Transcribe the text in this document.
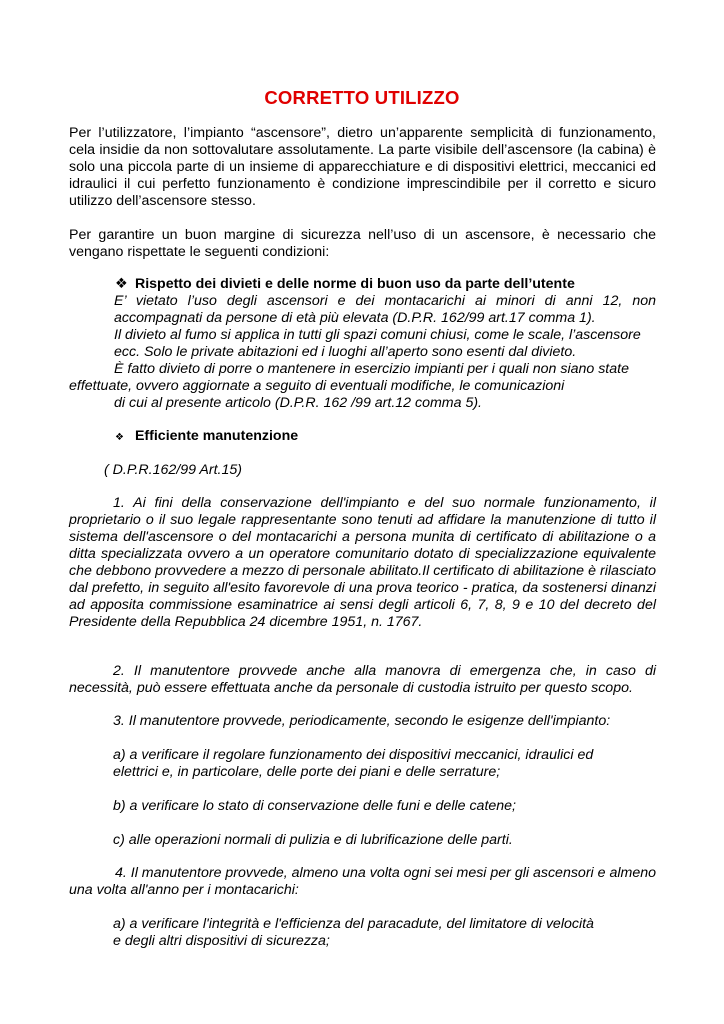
CORRETTO UTILIZZO
Per l’utilizzatore, l’impianto “ascensore”, dietro un’apparente semplicità di funzionamento, cela insidie da non sottovalutare assolutamente. La parte visibile dell’ascensore (la cabina) è solo una piccola parte di un insieme di apparecchiature e di dispositivi elettrici, meccanici ed idraulici il cui perfetto funzionamento è condizione imprescindibile per il corretto e sicuro utilizzo dell’ascensore stesso.
Per garantire un buon margine di sicurezza nell’uso di un ascensore, è necessario che vengano rispettate le seguenti condizioni:
❖ Rispetto dei divieti e delle norme di buon uso da parte dell’utente
E’ vietato l’uso degli ascensori e dei montacarichi ai minori di anni 12, non accompagnati da persone di età più elevata (D.P.R. 162/99 art.17 comma 1).
Il divieto al fumo si applica in tutti gli spazi comuni chiusi, come le scale, l’ascensore
ecc. Solo le private abitazioni ed i luoghi all’aperto sono esenti dal divieto.
È fatto divieto di porre o mantenere in esercizio impianti per i quali non siano state
effettuate, ovvero aggiornate a seguito di eventuali modifiche, le comunicazioni
di cui al presente articolo (D.P.R. 162 /99 art.12 comma 5).
❖ Efficiente manutenzione
( D.P.R.162/99 Art.15)
1. Ai fini della conservazione dell'impianto e del suo normale funzionamento, il proprietario o il suo legale rappresentante sono tenuti ad affidare la manutenzione di tutto il sistema dell'ascensore o del montacarichi a persona munita di certificato di abilitazione o a ditta specializzata ovvero a un operatore comunitario dotato di specializzazione equivalente che debbono provvedere a mezzo di personale abilitato.Il certificato di abilitazione è rilasciato dal prefetto, in seguito all'esito favorevole di una prova teorico - pratica, da sostenersi dinanzi ad apposita commissione esaminatrice ai sensi degli articoli 6, 7, 8, 9 e 10 del decreto del Presidente della Repubblica 24 dicembre 1951, n. 1767.
2. Il manutentore provvede anche alla manovra di emergenza che, in caso di necessità, può essere effettuata anche da personale di custodia istruito per questo scopo.
3. Il manutentore provvede, periodicamente, secondo le esigenze dell'impianto:
a) a verificare il regolare funzionamento dei dispositivi meccanici, idraulici ed
elettrici e, in particolare, delle porte dei piani e delle serrature;
b) a verificare lo stato di conservazione delle funi e delle catene;
c) alle operazioni normali di pulizia e di lubrificazione delle parti.
4. Il manutentore provvede, almeno una volta ogni sei mesi per gli ascensori e almeno una volta all'anno per i montacarichi:
a) a verificare l'integrità e l'efficienza del paracadute, del limitatore di velocità
e degli altri dispositivi di sicurezza;
